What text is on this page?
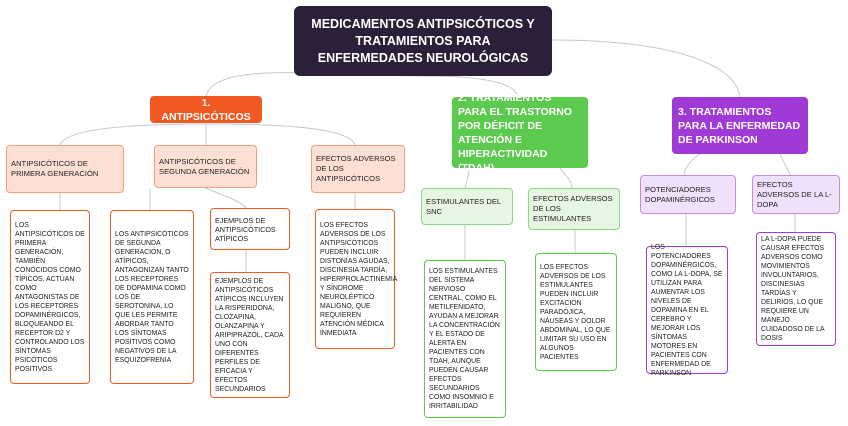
MEDICAMENTOS ANTIPSICÓTICOS Y TRATAMIENTOS PARA ENFERMEDADES NEUROLÓGICAS
1. ANTIPSICÓTICOS
ANTIPSICÓTICOS DE PRIMERA GENERACIÓN
LOS ANTIPSICÓTICOS DE PRIMERA GENERACIÓN, TAMBIÉN CONOCIDOS COMO TÍPICOS, ACTÚAN COMO ANTAGONISTAS DE LOS RECEPTORES DOPAMINÉRGICOS, BLOQUEANDO EL RECEPTOR D2 Y CONTROLANDO LOS SÍNTOMAS PSICÓTICOS POSITIVOS
ANTIPSICÓTICOS DE SEGUNDA GENERACIÓN
LOS ANTIPSICÓTICOS DE SEGUNDA GENERACIÓN, O ATÍPICOS, ANTAGONIZAN TANTO LOS RECEPTORES DE DOPAMINA COMO LOS DE SEROTONINA, LO QUE LES PERMITE ABORDAR TANTO LOS SÍNTOMAS POSITIVOS COMO NEGATIVOS DE LA ESQUIZOFRENIA
EJEMPLOS DE ANTIPSICÓTICOS ATÍPICOS
EJEMPLOS DE ANTIPSICÓTICOS ATÍPICOS INCLUYEN LA RISPERIDONA, CLOZAPINA, OLANZAPINA Y ARIPIPRAZOL, CADA UNO CON DIFERENTES PERFILES DE EFICACIA Y EFECTOS SECUNDARIOS
EFECTOS ADVERSOS DE LOS ANTIPSICÓTICOS
LOS EFECTOS ADVERSOS DE LOS ANTIPSICÓTICOS PUEDEN INCLUIR DISTONÍAS AGUDAS, DISCINESIA TARDÍA, HIPERPROLACTINEMIA Y SÍNDROME NEUROLÉPTICO MALIGNO, QUE REQUIEREN ATENCIÓN MÉDICA INMEDIATA
2. TRATAMIENTOS PARA EL TRASTORNO POR DÉFICIT DE ATENCIÓN E HIPERACTIVIDAD (TDAH)
ESTIMULANTES DEL SNC
LOS ESTIMULANTES DEL SISTEMA NERVIOSO CENTRAL, COMO EL METILFENIDATO, AYUDAN A MEJORAR LA CONCENTRACIÓN Y EL ESTADO DE ALERTA EN PACIENTES CON TDAH, AUNQUE PUEDEN CAUSAR EFECTOS SECUNDARIOS COMO INSOMNIO E IRRITABILIDAD
EFECTOS ADVERSOS DE LOS ESTIMULANTES
LOS EFECTOS ADVERSOS DE LOS ESTIMULANTES PUEDEN INCLUIR EXCITACIÓN PARADÓJICA, NÁUSEAS Y DOLOR ABDOMINAL, LO QUE LIMITAR SU USO EN ALGUNOS PACIENTES
3. TRATAMIENTOS PARA LA ENFERMEDAD DE PARKINSON
POTENCIADORES DOPAMINÉRGICOS
LOS POTENCIADORES DOPAMINÉRGICOS, COMO LA L-DOPA, SE UTILIZAN PARA AUMENTAR LOS NIVELES DE DOPAMINA EN EL CEREBRO Y MEJORAR LOS SÍNTOMAS MOTORES EN PACIENTES CON ENFERMEDAD DE PARKINSON
EFECTOS ADVERSOS DE LA L-DOPA
LA L-DOPA PUEDE CAUSAR EFECTOS ADVERSOS COMO MOVIMIENTOS INVOLUNTARIOS, DISCINESIAS TARDÍAS Y DELIRIOS, LO QUE REQUIERE UN MANEJO CUIDADOSO DE LA DOSIS
